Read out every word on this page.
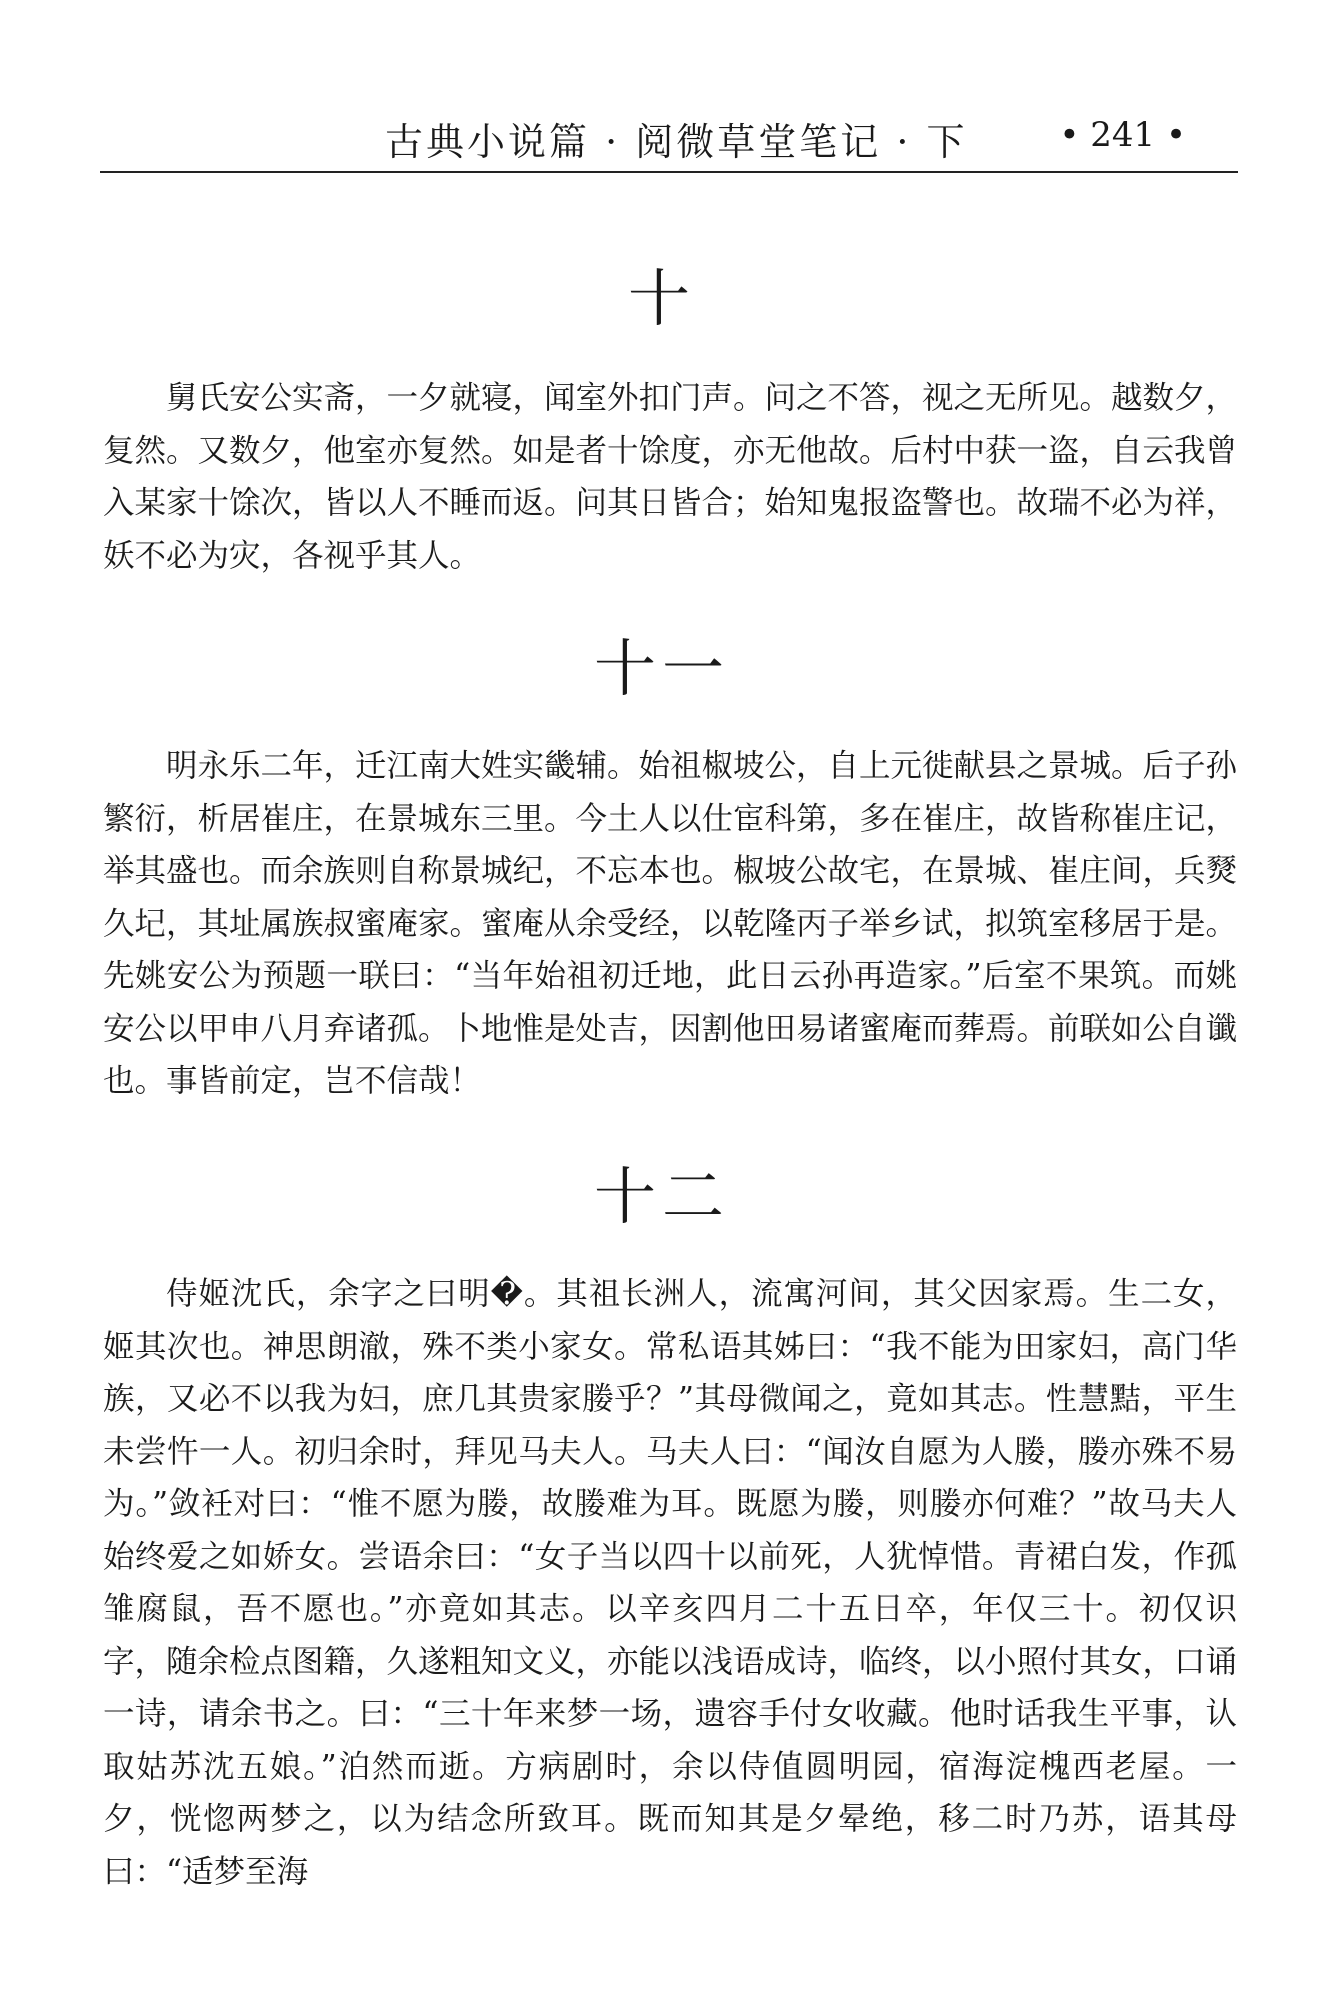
古典小说篇 · 阅微草堂笔记 · 下	• 241 •
十
舅氏安公实斋，一夕就寝，闻室外扣门声。问之不答，视之无所见。越数夕，复然。又数夕，他室亦复然。如是者十馀度，亦无他故。后村中获一盗，自云我曾入某家十馀次，皆以人不睡而返。问其日皆合；始知鬼报盗警也。故瑞不必为祥，妖不必为灾，各视乎其人。
十一
明永乐二年，迁江南大姓实畿辅。始祖椒坡公，自上元徙献县之景城。后子孙繁衍，析居崔庄，在景城东三里。今土人以仕宦科第，多在崔庄，故皆称崔庄记，举其盛也。而余族则自称景城纪，不忘本也。椒坡公故宅，在景城、崔庄间，兵燹久圮，其址属族叔蜜庵家。蜜庵从余受经，以乾隆丙子举乡试，拟筑室移居于是。先姚安公为预题一联曰：“当年始祖初迁地，此日云孙再造家。”后室不果筑。而姚安公以甲申八月弃诸孤。卜地惟是处吉，因割他田易诸蜜庵而葬焉。前联如公自谶也。事皆前定，岂不信哉！
十二
侍姬沈氏，余字之曰明�。其祖长洲人，流寓河间，其父因家焉。生二女，姬其次也。神思朗澈，殊不类小家女。常私语其姊曰：“我不能为田家妇，高门华族，又必不以我为妇，庶几其贵家媵乎？”其母微闻之，竟如其志。性慧黠，平生未尝忤一人。初归余时，拜见马夫人。马夫人曰：“闻汝自愿为人媵，媵亦殊不易为。”敛衽对曰：“惟不愿为媵，故媵难为耳。既愿为媵，则媵亦何难？”故马夫人始终爱之如娇女。尝语余曰：“女子当以四十以前死，人犹悼惜。青裙白发，作孤雏腐鼠，吾不愿也。”亦竟如其志。以辛亥四月二十五日卒，年仅三十。初仅识字，随余检点图籍，久遂粗知文义，亦能以浅语成诗，临终，以小照付其女，口诵一诗，请余书之。曰：“三十年来梦一场，遗容手付女收藏。他时话我生平事，认取姑苏沈五娘。”泊然而逝。方病剧时，余以侍值圆明园，宿海淀槐西老屋。一夕，恍惚两梦之，以为结念所致耳。既而知其是夕晕绝，移二时乃苏，语其母曰：“适梦至海
